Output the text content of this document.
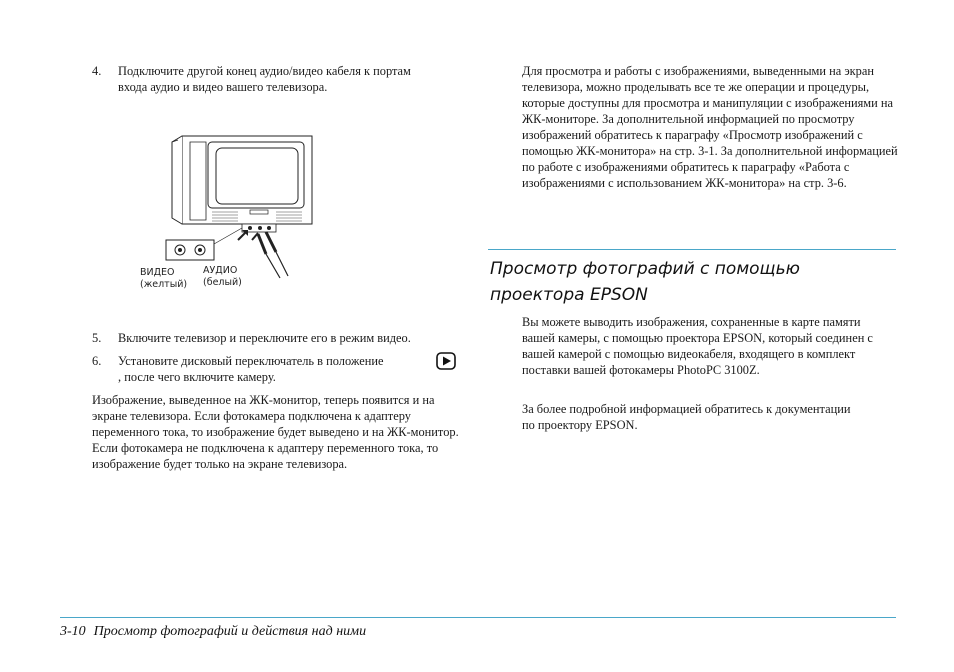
4. Подключите другой конец аудио/видео кабеля к портам входа аудио и видео вашего телевизора.

ВИДЕО
(желтый)
АУДИО
(белый)
5. Включите телевизор и переключите его в режим видео.

6. Установите дисковый переключатель в положение

, после чего включите камеру.

Изображение, выведенное на ЖК-монитор, теперь появится и на экране телевизора. Если фотокамера подключена к адаптеру переменного тока, то изображение будет выведено и на ЖК-монитор. Если фотокамера не подключена к адаптеру переменного тока, то изображение будет только на экране телевизора.

Для просмотра и работы с изображениями, выведенными на экран телевизора, можно проделывать все те же операции и процедуры, которые доступны для просмотра и манипуляции с изображениями на ЖК-мониторе. За дополнительной информацией по просмотру изображений обратитесь к параграфу «Просмотр изображений с помощью ЖК-монитора» на стр. 3-1. За дополнительной информацией по работе с изображениями обратитесь к параграфу «Работа с изображениями с использованием ЖК-монитора» на стр. 3-6.

Просмотр фотографий с помощью
проектора EPSON

Вы можете выводить изображения, сохраненные в карте памяти вашей камеры, с помощью проектора EPSON, который соединен с вашей камерой с помощью видеокабеля, входящего в комплект поставки вашей фотокамеры PhotoPC 3100Z.

За более подробной информацией обратитесь к документации по проектору EPSON.

3-10 Просмотр фотографий и действия над ними
